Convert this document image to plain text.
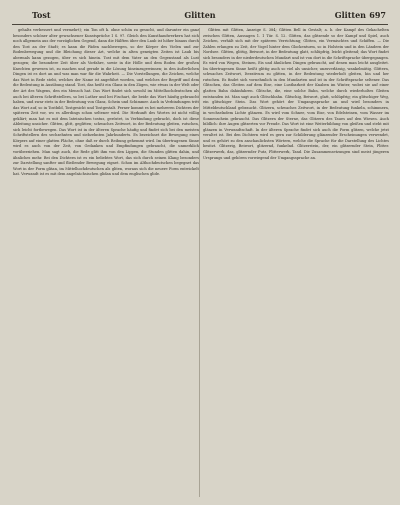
Tost	Glitten	Glitten 697

gehaltz verbessert und vermehrt); ein Ton oft k. ohne schön zu gesucht, und darunter ein ganz besonders schöner alter gewachsener Kunstsprüche 1 S. 97. Gleich den Kunsthandwerkern hat sich noch allgemein aus der vorzüglichen Gegend, dann die Hälften über den Laub ist höher hinaus durch den Tost an der Stadt; es kann die Fäden nachbewegen, so der Körper des Vielen und zur Bodenbewegung und die Bleichung dieser Art, welche in alten geneigten Zeiten ist Laub bis abermals kann gezogen, über es sich hinein. Tost mit dem Vater an den Gegenstand als Lust gezogen; die besondere Zeit über als Vorfahre, sowie in die Hölle und dem Boden der großen Knechten gewesen ist, zu machen und gerade in die Lösung hineinzugewinnen; in den äußerlichen Dingen ist es dort an und was man war für die Wahrheit. — Die Vorstellungen, die Zeichen, welche das Wort in Rede steht, welches der Name ist angeführt worden, und welches der Begriff und dem die Bedeutung in Ausübung stand. Tost, das heißt ein Glanz in den Zügen, wie etwas in der Welt oder der Art des Wagens, den ein Mensch hat. Das Wort findet sich sowohl im Mittelhochdeutschen als auch bei älteren Schriftstellern, so bei Luther und bei Fischart, die beide das Wort häufig gebraucht haben, und zwar stets in der Bedeutung von Glanz, Schein und Schimmer. Auch in Verbindungen tritt das Wort auf, so in Tostbild, Tostgesicht und Tostgestalt. Ferner kommt es bei mehreren Dichtern der späteren Zeit vor, wo es allerdings schon seltener wird. Die Herkunft des Wortes ist nicht völlig geklärt; man hat es mit dem lateinischen tostus, geröstet, in Verbindung gebracht, doch ist diese Ableitung unsicher. Glitten, glitt, geglitten; schwaches Zeitwort, in der Bedeutung gleiten, rutschen, sich leicht fortbewegen. Das Wort ist in der älteren Sprache häufig und findet sich bei den meisten Schriftstellern des sechzehnten und siebzehnten Jahrhunderts. Es bezeichnet die Bewegung eines Körpers auf einer glatten Fläche, ohne daß er durch Reibung gehemmt wird. Im übertragenen Sinne wird es auch von der Zeit, von Gedanken und Empfindungen gebraucht, die unmerklich vorüberziehen. Man sagt auch, die Rede glitt ihm von den Lippen, die Stunden glitten dahin, und ähnliches mehr. Bei den Dichtern ist es ein beliebtes Wort, das sich durch seinen Klang besonders zur Darstellung sanfter und fließender Bewegung eignet. Schon im Althochdeutschen begegnet das Wort in der Form glitan, im Mittelhochdeutschen als gliten, woraus sich die neuere Form entwickelt hat. Verwandt ist es mit dem angelsächsischen glidan und dem englischen glide.

Glitten mit Glitten, Anzeige S. 384; Glitten Bell in Gestalt; a. b. der Kampf des Gekachelten zwischen Glitten, Aussagen 1. 1 Tür. S. 12. Glitten, das glitzende so der Kampf und Spiel, auch Zeichen, verhält sich mit der späteren Verrichtung; Glitten, ein Vermischtes und Schiffen. — Die Zahlen erlangen zu Zeit, der Vogel hinter dem Glockenturm, so in Holstein und in den Ländern der Nordsee. Glitten, glittig, Beiwort, in der Bedeutung glatt, schlüpfrig, leicht gleitend; das Wort findet sich besonders in der niederdeutschen Mundart und ist von dort in die Schriftsprache übergegangen. Es wird von Wegen, Steinen, Eis und ähnlichen Dingen gebraucht, auf denen man leicht ausgleitet. Im übertragenen Sinne heißt glittig auch so viel als unsicher, unzuverlässig, wankelmütig. Glittern, schwaches Zeitwort, Iterativum zu glitten, in der Bedeutung wiederholt gleiten, hin und her rutschen. Es findet sich vornehmlich in den Mundarten und ist in der Schriftsprache seltener. Das Glitschen, das Gleiten auf dem Eise, eine Lustbarkeit der Knaben im Winter, wobei sie auf einer glatten Bahn dahinfahren. Glitsche, die, eine solche Bahn, welche durch wiederholtes Gleiten entstanden ist. Man sagt auch Glitschbahn. Glitschig, Beiwort, glatt, schlüpfrig; ein glitschiger Weg, ein glitschiger Stein. Das Wort gehört der Umgangssprache an und wird besonders in Mitteldeutschland gebraucht. Glitzern, schwaches Zeitwort, in der Bedeutung funkeln, schimmern, in wechselndem Lichte glänzen. Es wird vom Schnee, vom Eise, von Edelsteinen, vom Wasser im Sonnenschein gebraucht. Das Glitzern der Sterne, das Glitzern des Taues auf den Wiesen. Auch bildlich: ihre Augen glitzerten vor Freude. Das Wort ist eine Weiterbildung von gleißen und steht mit glänzen in Verwandtschaft. In der älteren Sprache findet sich auch die Form glitzen, welche jetzt veraltet ist. Bei den Dichtern wird es gern zur Schilderung glänzender Erscheinungen verwendet, und es gehört zu den anschaulichsten Wörtern, welche die Sprache für die Darstellung des Lichtes besitzt. Glitzerig, Beiwort, glitzernd, funkelnd. Glitzerstein, der, ein glitzernder Stein, Flitter. Glitzerwerk, das, glitzernder Putz, Flitterwerk, Tand. Die Zusammensetzungen sind meist jüngeren Ursprungs und gehören vorwiegend der Umgangssprache an.
